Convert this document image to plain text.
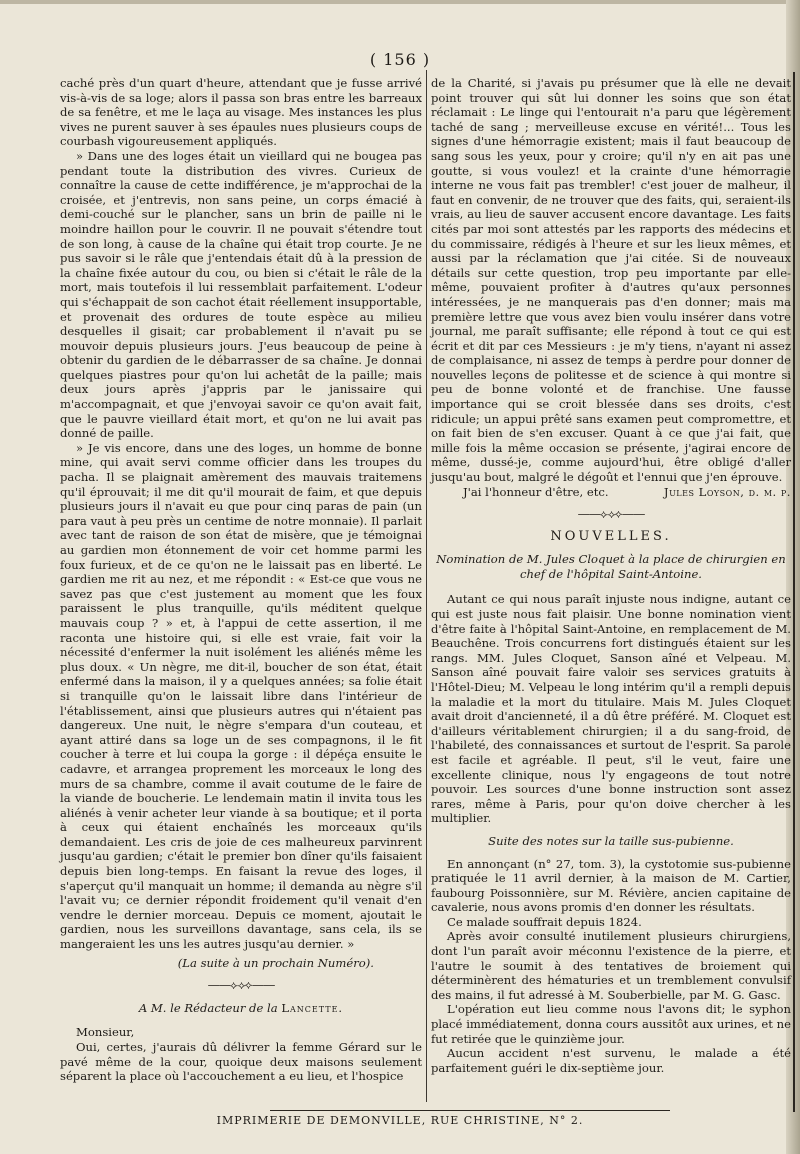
( 156 )

caché près d'un quart d'heure, attendant que je fusse arrivé vis-à-vis de sa loge; alors il passa son bras entre les barreaux de sa fenêtre, et me le laça au visage. Mes instances les plus vives ne purent sauver à ses épaules nues plusieurs coups de courbash vigoureusement appliqués.

» Dans une des loges était un vieillard qui ne bougea pas pendant toute la distribution des vivres. Curieux de connaître la cause de cette indifférence, je m'approchai de la croisée, et j'entrevis, non sans peine, un corps émacié à demi-couché sur le plancher, sans un brin de paille ni le moindre haillon pour le couvrir. Il ne pouvait s'étendre tout de son long, à cause de la chaîne qui était trop courte. Je ne pus savoir si le râle que j'entendais était dû à la pression de la chaîne fixée autour du cou, ou bien si c'était le râle de la mort, mais toutefois il lui ressemblait parfaitement. L'odeur qui s'échappait de son cachot était réellement insupportable, et provenait des ordures de toute espèce au milieu desquelles il gisait; car probablement il n'avait pu se mouvoir depuis plusieurs jours. J'eus beaucoup de peine à obtenir du gardien de le débarrasser de sa chaîne. Je donnai quelques piastres pour qu'on lui achetât de la paille; mais deux jours après j'appris par le janissaire qui m'accompagnait, et que j'envoyai savoir ce qu'on avait fait, que le pauvre vieillard était mort, et qu'on ne lui avait pas donné de paille.

» Je vis encore, dans une des loges, un homme de bonne mine, qui avait servi comme officier dans les troupes du pacha. Il se plaignait amèrement des mauvais traitemens qu'il éprouvait; il me dit qu'il mourait de faim, et que depuis plusieurs jours il n'avait eu que pour cinq paras de pain (un para vaut à peu près un centime de notre monnaie). Il parlait avec tant de raison de son état de misère, que je témoignai au gardien mon étonnement de voir cet homme parmi les foux furieux, et de ce qu'on ne le laissait pas en liberté. Le gardien me rit au nez, et me répondit : « Est-ce que vous ne savez pas que c'est justement au moment que les foux paraissent le plus tranquille, qu'ils méditent quelque mauvais coup ? » et, à l'appui de cette assertion, il me raconta une histoire qui, si elle est vraie, fait voir la nécessité d'enfermer la nuit isolément les aliénés même les plus doux. « Un nègre, me dit-il, boucher de son état, était enfermé dans la maison, il y a quelques années; sa folie était si tranquille qu'on le laissait libre dans l'intérieur de l'établissement, ainsi que plusieurs autres qui n'étaient pas dangereux. Une nuit, le nègre s'empara d'un couteau, et ayant attiré dans sa loge un de ses compagnons, il le fit coucher à terre et lui coupa la gorge : il dépéça ensuite le cadavre, et arrangea proprement les morceaux le long des murs de sa chambre, comme il avait coutume de le faire de la viande de boucherie. Le lendemain matin il invita tous les aliénés à venir acheter leur viande à sa boutique; et il porta à ceux qui étaient enchaînés les morceaux qu'ils demandaient. Les cris de joie de ces malheureux parvinrent jusqu'au gardien; c'était le premier bon dîner qu'ils faisaient depuis bien long-temps. En faisant la revue des loges, il s'aperçut qu'il manquait un homme; il demanda au nègre s'il l'avait vu; ce dernier répondit froidement qu'il venait d'en vendre le dernier morceau. Depuis ce moment, ajoutait le gardien, nous les surveillons davantage, sans cela, ils se mangeraient les uns les autres jusqu'au dernier. »

(La suite à un prochain Numéro).
——⟡⟢⟣——
A M. le Rédacteur de la Lancette.

Monsieur,

Oui, certes, j'aurais dû délivrer la femme Gérard sur le pavé même de la cour, quoique deux maisons seulement séparent la place où l'accouchement a eu lieu, et l'hospice

de la Charité, si j'avais pu présumer que là elle ne devait point trouver qui sût lui donner les soins que son état réclamait : Le linge qui l'entourait n'a paru que légèrement taché de sang ; merveilleuse excuse en vérité!... Tous les signes d'une hémorragie existent; mais il faut beaucoup de sang sous les yeux, pour y croire; qu'il n'y en ait pas une goutte, si vous voulez! et la crainte d'une hémorragie interne ne vous fait pas trembler! c'est jouer de malheur, il faut en convenir, de ne trouver que des faits, qui, seraient-ils vrais, au lieu de sauver accusent encore davantage. Les faits cités par moi sont attestés par les rapports des médecins et du commissaire, rédigés à l'heure et sur les lieux mêmes, et aussi par la réclamation que j'ai citée. Si de nouveaux détails sur cette question, trop peu importante par elle-même, pouvaient profiter à d'autres qu'aux personnes intéressées, je ne manquerais pas d'en donner; mais ma première lettre que vous avez bien voulu insérer dans votre journal, me paraît suffisante; elle répond à tout ce qui est écrit et dit par ces Messieurs : je m'y tiens, n'ayant ni assez de complaisance, ni assez de temps à perdre pour donner de nouvelles leçons de politesse et de science à qui montre si peu de bonne volonté et de franchise. Une fausse importance qui se croit blessée dans ses droits, c'est ridicule; un appui prêté sans examen peut compromettre, et on fait bien de s'en excuser. Quant à ce que j'ai fait, que mille fois la même occasion se présente, j'agirai encore de même, dussé-je, comme aujourd'hui, être obligé d'aller jusqu'au bout, malgré le dégoût et l'ennui que j'en éprouve.

J'ai l'honneur d'être, etc.	Jules Loyson, d. m. p.

——⟡⟢⟣——
NOUVELLES.
Nomination de M. Jules Cloquet à la place de chirurgien en chef de l'hôpital Saint-Antoine.

Autant ce qui nous paraît injuste nous indigne, autant ce qui est juste nous fait plaisir. Une bonne nomination vient d'être faite à l'hôpital Saint-Antoine, en remplacement de M. Beauchêne. Trois concurrens fort distingués étaient sur les rangs. MM. Jules Cloquet, Sanson aîné et Velpeau. M. Sanson aîné pouvait faire valoir ses services gratuits à l'Hôtel-Dieu; M. Velpeau le long intérim qu'il a rempli depuis la maladie et la mort du titulaire. Mais M. Jules Cloquet avait droit d'ancienneté, il a dû être préféré. M. Cloquet est d'ailleurs véritablement chirurgien; il a du sang-froid, de l'habileté, des connaissances et surtout de l'esprit. Sa parole est facile et agréable. Il peut, s'il le veut, faire une excellente clinique, nous l'y engageons de tout notre pouvoir. Les sources d'une bonne instruction sont assez rares, même à Paris, pour qu'on doive chercher à les multiplier.

Suite des notes sur la taille sus-pubienne.

En annonçant (n° 27, tom. 3), la cystotomie sus-pubienne pratiquée le 11 avril dernier, à la maison de M. Cartier, faubourg Poissonnière, sur M. Révière, ancien capitaine de cavalerie, nous avons promis d'en donner les résultats.

Ce malade souffrait depuis 1824.

Après avoir consulté inutilement plusieurs chirurgiens, dont l'un paraît avoir méconnu l'existence de la pierre, et l'autre le soumit à des tentatives de broiement qui déterminèrent des hématuries et un tremblement convulsif des mains, il fut adressé à M. Souberbielle, par M. G. Gasc.

L'opération eut lieu comme nous l'avons dit; le syphon placé immédiatement, donna cours aussitôt aux urines, et ne fut retirée que le quinzième jour.

Aucun accident n'est survenu, le malade a été parfaitement guéri le dix-septième jour.

IMPRIMERIE DE DEMONVILLE, RUE CHRISTINE, N° 2.
